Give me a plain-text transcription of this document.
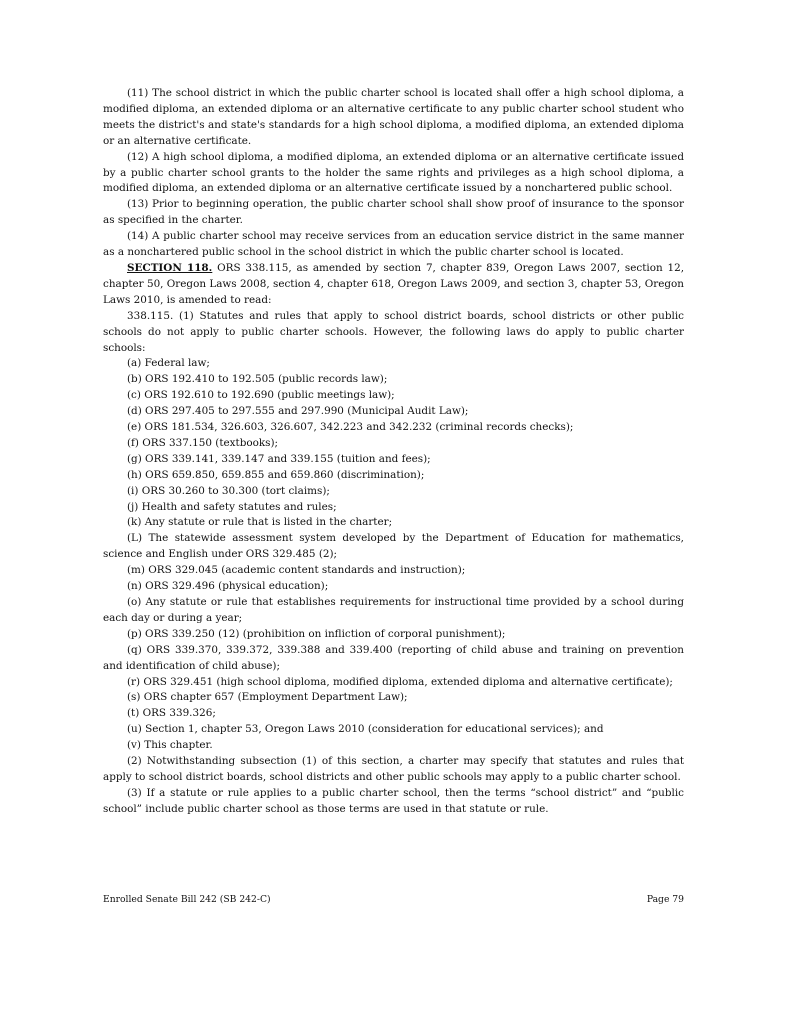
(11) The school district in which the public charter school is located shall offer a high school diploma, a modified diploma, an extended diploma or an alternative certificate to any public charter school student who meets the district's and state's standards for a high school diploma, a modified diploma, an extended diploma or an alternative certificate.

(12) A high school diploma, a modified diploma, an extended diploma or an alternative certificate issued by a public charter school grants to the holder the same rights and privileges as a high school diploma, a modified diploma, an extended diploma or an alternative certificate issued by a nonchartered public school.

(13) Prior to beginning operation, the public charter school shall show proof of insurance to the sponsor as specified in the charter.

(14) A public charter school may receive services from an education service district in the same manner as a nonchartered public school in the school district in which the public charter school is located.

SECTION 118. ORS 338.115, as amended by section 7, chapter 839, Oregon Laws 2007, section 12, chapter 50, Oregon Laws 2008, section 4, chapter 618, Oregon Laws 2009, and section 3, chapter 53, Oregon Laws 2010, is amended to read:

338.115. (1) Statutes and rules that apply to school district boards, school districts or other public schools do not apply to public charter schools. However, the following laws do apply to public charter schools:

(a) Federal law;

(b) ORS 192.410 to 192.505 (public records law);

(c) ORS 192.610 to 192.690 (public meetings law);

(d) ORS 297.405 to 297.555 and 297.990 (Municipal Audit Law);

(e) ORS 181.534, 326.603, 326.607, 342.223 and 342.232 (criminal records checks);

(f) ORS 337.150 (textbooks);

(g) ORS 339.141, 339.147 and 339.155 (tuition and fees);

(h) ORS 659.850, 659.855 and 659.860 (discrimination);

(i) ORS 30.260 to 30.300 (tort claims);

(j) Health and safety statutes and rules;

(k) Any statute or rule that is listed in the charter;

(L) The statewide assessment system developed by the Department of Education for mathematics, science and English under ORS 329.485 (2);

(m) ORS 329.045 (academic content standards and instruction);

(n) ORS 329.496 (physical education);

(o) Any statute or rule that establishes requirements for instructional time provided by a school during each day or during a year;

(p) ORS 339.250 (12) (prohibition on infliction of corporal punishment);

(q) ORS 339.370, 339.372, 339.388 and 339.400 (reporting of child abuse and training on prevention and identification of child abuse);

(r) ORS 329.451 (high school diploma, modified diploma, extended diploma and alternative certificate);

(s) ORS chapter 657 (Employment Department Law);

(t) ORS 339.326;

(u) Section 1, chapter 53, Oregon Laws 2010 (consideration for educational services); and

(v) This chapter.

(2) Notwithstanding subsection (1) of this section, a charter may specify that statutes and rules that apply to school district boards, school districts and other public schools may apply to a public charter school.

(3) If a statute or rule applies to a public charter school, then the terms “school district” and “public school” include public charter school as those terms are used in that statute or rule.

Enrolled Senate Bill 242 (SB 242-C)	Page 79
